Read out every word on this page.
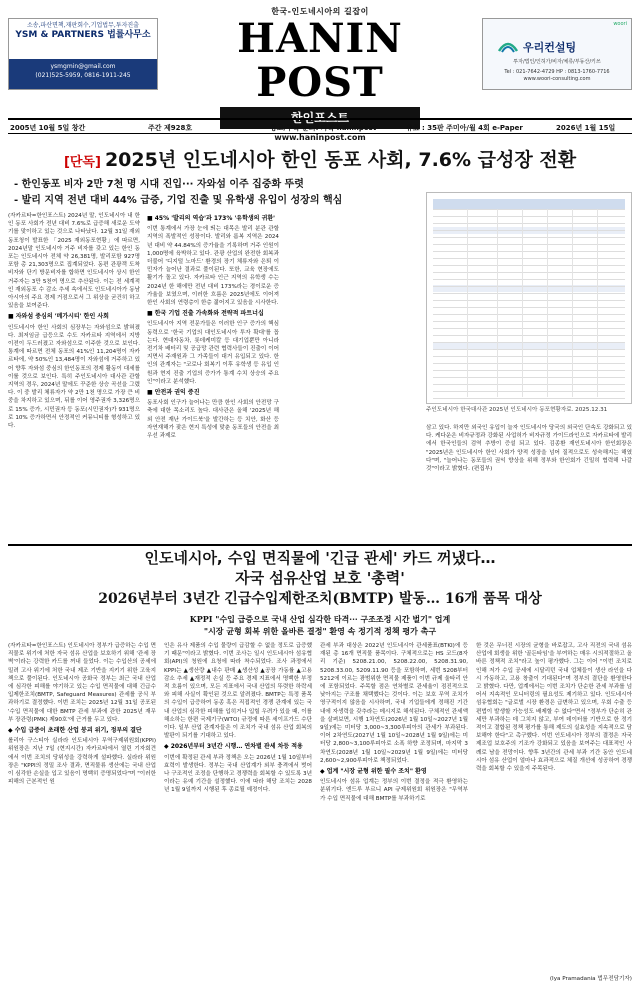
소송,파산면책,재판회수,기업법무,투자진출
YSM & PARTNERS 법률사무소
ysmgmin@gmail.com
(021)525-5959, 0816-1911-245
한국-인도네시아의 길잡이
HANIN POST
한인포스트
www.haninpost.com
woori
우리컨설팅
투자/법인/인허가/비자/체류/부동산/키쓰
Tel : 021-7642-4729 HP : 0813-1760-7716
www.woori-consulting.com
2005년 10월 5일 창간	주간 제928호	광고/구독 문의: 카톡 haninpost	유료 : 35판 주미아/월 4회 e-Paper	2026년 1월 15일
[단독] 2025년 인도네시아 한인 동포 사회, 7.6% 급성장 전환
- 한인동포 비자 2만 7천 명 시대 진입··· 자와섬 이주 집중화 뚜렷
- 발리 지역 전년 대비 44% 급증, 기업 진출 및 유학생 유입이 성장의 핵심

(자카르타=한인포스트) 2024년 말, 인도네시아 내 한인 동포 사회가 전년 대비 7.6%로 급증해 새로운 도약기를 맞이하고 있는 것으로 나타났다. 12월 31일 재외동포청이 발표한 「2025 재외동포현황」에 따르면, 2024년말 인도네시아 거주 비자를 갖고 있는 한인 동포는 인도네시아 전체 약 26,381명, 발리포함 927명 포함 총 21,303명으로 집계되었다. 동편 관광객 도착비자와 단기 방문비자를 합하면 인도네시아 상시 한인 거주자는 3만 5천여 명으로 추산된다. 이는 전 세계적인 재외동포 수 감소 추세 속에서도 인도네시아가 동남아시아의 주요 경제 거점으로서 그 위상을 굳건히 하고 있음을 보여준다.

■ 자와섬 중심의 '메가시티' 한인 사회

인도네시아 한인 사회의 심장부는 자와섬으로 밝혀졌다. 최저임금 급등으로 수도 자카르타 지역에서 지방 이전이 두드러졌고 자와섬으로 이주한 것으로 보인다. 통계에 따르면 전체 동포의 41%인 11,204명이 자카르타에, 약 50%인 13,484명이 자와섬에 거주하고 있어 향후 자와섬 중심의 한인동포의 경제 활동이 대세를 이룰 것으로 보인다. 특히 주인도네시아 대사관 관할 지역의 경우, 2024년 말에도 꾸준한 상승 곡선을 그렸다. 이 중 발리 체류자가 약 2만 1천 명으로 가장 큰 비중을 차지하고 있으며, 뒤를 이어 영주권자 3,326명으로 15% 증가, 시민권자 등 동포(시민권자)가 931명으로 10% 증가하면서 안정적인 커뮤니티를 형성하고 있다.

■ 45% '발리의 역습'과 173% '유학생의 귀환'

이번 통계에서 가장 눈에 띄는 대목은 발리 분관 관할 지역의 폭발적인 성장이다. 발리와 롬복 지역은 2024년 대비 약 44.84%의 증가율을 기록하며 거주 인원이 1,000명에 육박하고 있다. 관광 산업의 완전한 회복과 더불어 '디지털 노마드' 환경의 장기 체류자와 은퇴 이민자가 늘어난 결과로 풀이된다. 또한, 교육 현장에도 활기가 돌고 있다. 자카르타 인근 지역의 유학생 수는 2024년 한 해에만 전년 대비 173%라는 경이로운 증가율을 보였으며, 이러한 흐름은 2025년에도 이어져 한인 사회의 연령층이 한층 젊어지고 있음을 시사한다.

■ 한국 기업 진출 가속화와 전략적 파트너십

인도네시아 지역 전문가들은 이러한 인구 증가의 핵심 동력으로 '한국 기업의 대인도네시아 투자 확대'를 꼽는다. 현대자동차, 롯데케미칼 등 대기업뿐만 아니라 전기차 배터리 및 공급망 관련 협력사들이 진출이 이어지면서 주재원과 그 가족들이 대거 유입되고 있다. 한인의 관계자는 "코로나 회복기 이후 유학생 등 유입 인원과 현지 진출 기업의 증가가 통계 수치 상승의 주요인"이라고 분석했다.

■ 안전과 권익 증진

동포사회 인구가 늘어나는 만큼 한인 사회의 안전망 구축에 대한 목소리도 높다. 대사관은 올해 '2025년 해외 안전 재난 가이드북'을 발간하는 등 치안, 화산 등 자연재해가 잦은 현지 특성에 맞춘 동포들의 안전을 최우선 과제로

주인도네시아 한국대사관 2025년 인도네시아 동포현황자료. 2025.12.31

삼고 있다. 하지만 외국인 유입이 늘자 인도네시아 당국의 외국인 단속도 강화되고 있다. 케다운은 비자규정과 강화된 사업허가 비자규정 가이드라인으로 자카르타에 발리에서 한국인들의 검역 추방이 증설 되고 있다. 김종환 재인도네시아 한인회장은 "2025년은 인도네시아 한인 사회가 양적 성장을 넘어 질적으로도 성숙해지는 해였다"며, "늘어나는 동포들의 권익 향상을 위해 정부와 한인회가 긴밀히 협력해 나갈 것"이라고 밝혔다. (편집부)

인도네시아, 수입 면직물에 '긴급 관세' 카드 꺼냈다…
자국 섬유산업 보호 '총력'
2026년부터 3년간 긴급수입제한조치(BMTP) 발동… 16개 품목 대상
KPPI "수입 급증으로 국내 산업 심각한 타격··· 구조조정 시간 벌기" 업계
"시장 균형 회복 위한 올바른 결정" 환영 속 정기적 정책 평가 촉구

(자카르타=한인포스트) 인도네시아 정부가 급증하는 수입 면직물로 위기에 처한 자국 섬유 산업을 보호하기 위해 '관세 장벽'이라는 강력한 카드를 꺼내 들었다. 이는 수입산의 공세에 밀려 고사 위기에 처한 국내 제조 기반을 지키기 위한 고육지책으로 풀이된다. 인도네시아 공화국 정부는 최근 국내 산업에 심각한 피해를 야기하고 있는 수입 면직물에 대해 긴급수입제한조치(BMTP, Safeguard Measures) 관세를 공식 부과하기로 결정했다. 이번 조치는 2025년 12월 31일 공포된 '수입 면직물에 대한 BMTP 관세 부과에 관한 2025년 재무부 장관령(PMK) 제90호'에 근거를 두고 있다.

◆ 수입 급증이 초래한 산업 붕괴 위기, 정부의 결단

롤리아 구스티아 실라라 인도네시아 무역구제위원회(KPPI) 위원장은 지난 7일 (현지시간) 자카르타에서 열린 기자회견에서 이번 조치의 당위성을 강력하게 설파했다. 실라라 위원장은 "KPPI의 정밀 조사 결과, 면직물류 생산에는 국내 산업이 심각한 손실을 입고 있음이 명백히 증명되었다"며 "이러한 피해의 근본적인 원

인은 유사 제품의 수입 물량이 급감할 수 없을 정도로 급증했기 때문"이라고 밝혔다. 이번 조사는 일시 인도네시아 섬유협회(API)의 청원에 요청에 따라 착수되었다. 조사 과정에서 KPPI는 ▲생산량 ▲내수 판매 ▲생산성 ▲공장 가동률 ▲고용 감소 추세 ▲재정적 손실 등 주요 경제 지표에서 명백한 부정적 흐름이 있으며, 모든 지표에서 국내 산업의 뚜렷한 하락세와 피해 사실이 확인된 것으로 알려졌다. BMTP는 특정 품목의 수입이 급증하여 동종 혹은 직접적인 경쟁 관계에 있는 국내 산업의 심각한 피해를 입히거나 입힐 우려가 있을 때, 이를 해소하는 한편 국제기구(WTO) 규정에 따른 세이프가드 수단이다. 일부 산업 관계자들은 이 조치가 국내 섬유 산업 회복의 발판이 되기를 기대하고 있다.

◆ 2026년부터 3년간 시행… 연차별 관세 차등 적용

이번에 확정된 관세 부과 정책은 오는 2026년 1월 10일부터 효력이 발생한다. 정부는 국내 산업계가 외부 충격에서 벗어나 구조적인 조정을 단행하고 경쟁력을 회복할 수 있도록 3년이라는 유예 기간을 설정했다. 이에 따라 해당 조치는 2028년 1월 9일까지 시행된 후 종료될 예정이다.

관세 부과 대상은 2022년 인도네시아 관세품표(BTKI)에 등재된 총 16개 면직물 품목이다. 구체적으로는 HS 코드(8자리 기준) 5208.21.00, 5208.22.00, 5208.31.90, 5208.33.00, 5209.11.90 등을 포함하며, 세번 5208부터 5212에 이르는 광범위한 면직물 제품이 이번 규제 울타리 안에 포함되었다. 주목할 점은 연차별로 관세율이 점진적으로 낮아지는 구조를 채택했다는 것이다. 이는 보호 무역 조치가 영구적이지 않음을 시사하며, 국내 기업들에게 정해진 기간 내에 자생력을 갖추라는 메시지로 해석된다. 구체적인 관세액을 살펴보면, 시행 1차연도(2026년 1월 10일~2027년 1월 9일)에는 미터당 3,000~3,300루피아의 관세가 부과된다. 이어 2차연도(2027년 1월 10일~2028년 1월 9일)에는 미터당 2,800~3,100루피아로 소폭 하향 조정되며, 마지막 3차연도(2028년 1월 10일~2029년 1월 9일)에는 미터당 2,600~2,900루피아로 책정되었다.

◆ 업계 "시장 균형 위한 필수 조치" 환영

인도네시아 섬유 업계는 정부의 이번 결정을 적극 환영하는 분위기다. 엔드루 부르니 API 규제위원회 위원장은 "무역부가 수입 면직물에 대해 BMTP를 부과하기로

한 것은 무너진 시장의 균형을 바로잡고, 고사 직전의 국내 섬유 산업에 회생을 위한 '골든타임'을 부여하는 매우 시의적절하고 올바른 정책적 조치"라고 높이 평가했다. 그는 이어 "이번 조치로 인해 저가 수입 공세에 시달리던 국내 업체들이 생산 라인을 다시 가동하고, 고용 창출이 기대된다"며 정부의 결단을 환영한다고 밝혔다. 다만, 업계에서는 이번 조치가 단순한 관세 부과를 넘어서 지속적인 모니터링의 필요성도 제기하고 있다. 인도네시아 섬유협회는 "글로벌 시장 환경은 급변하고 있으며, 우회 수출 등 편법이 발생할 가능성도 배제할 수 없다"면서 "정부가 단순히 관세만 부과하는 데 그치지 않고, 부여 데이터를 기반으로 한 정기적이고 결합된 정책 평가를 통해 제도의 실효성을 지속적으로 담보해야 한다"고 촉구했다. 이번 인도네시아 정부의 결정은 자국 제조업 보호주의 기조가 강화되고 있음을 보여주는 대표적인 사례로 남을 전망이다. 향후 3년간의 관세 부과 기간 동안 인도네시아 섬유 산업이 얼마나 효과적으로 체질 개선에 성공하여 경쟁력을 회복할 수 있을지 주목된다.

(Iya Pramadania 법무전담기자)
